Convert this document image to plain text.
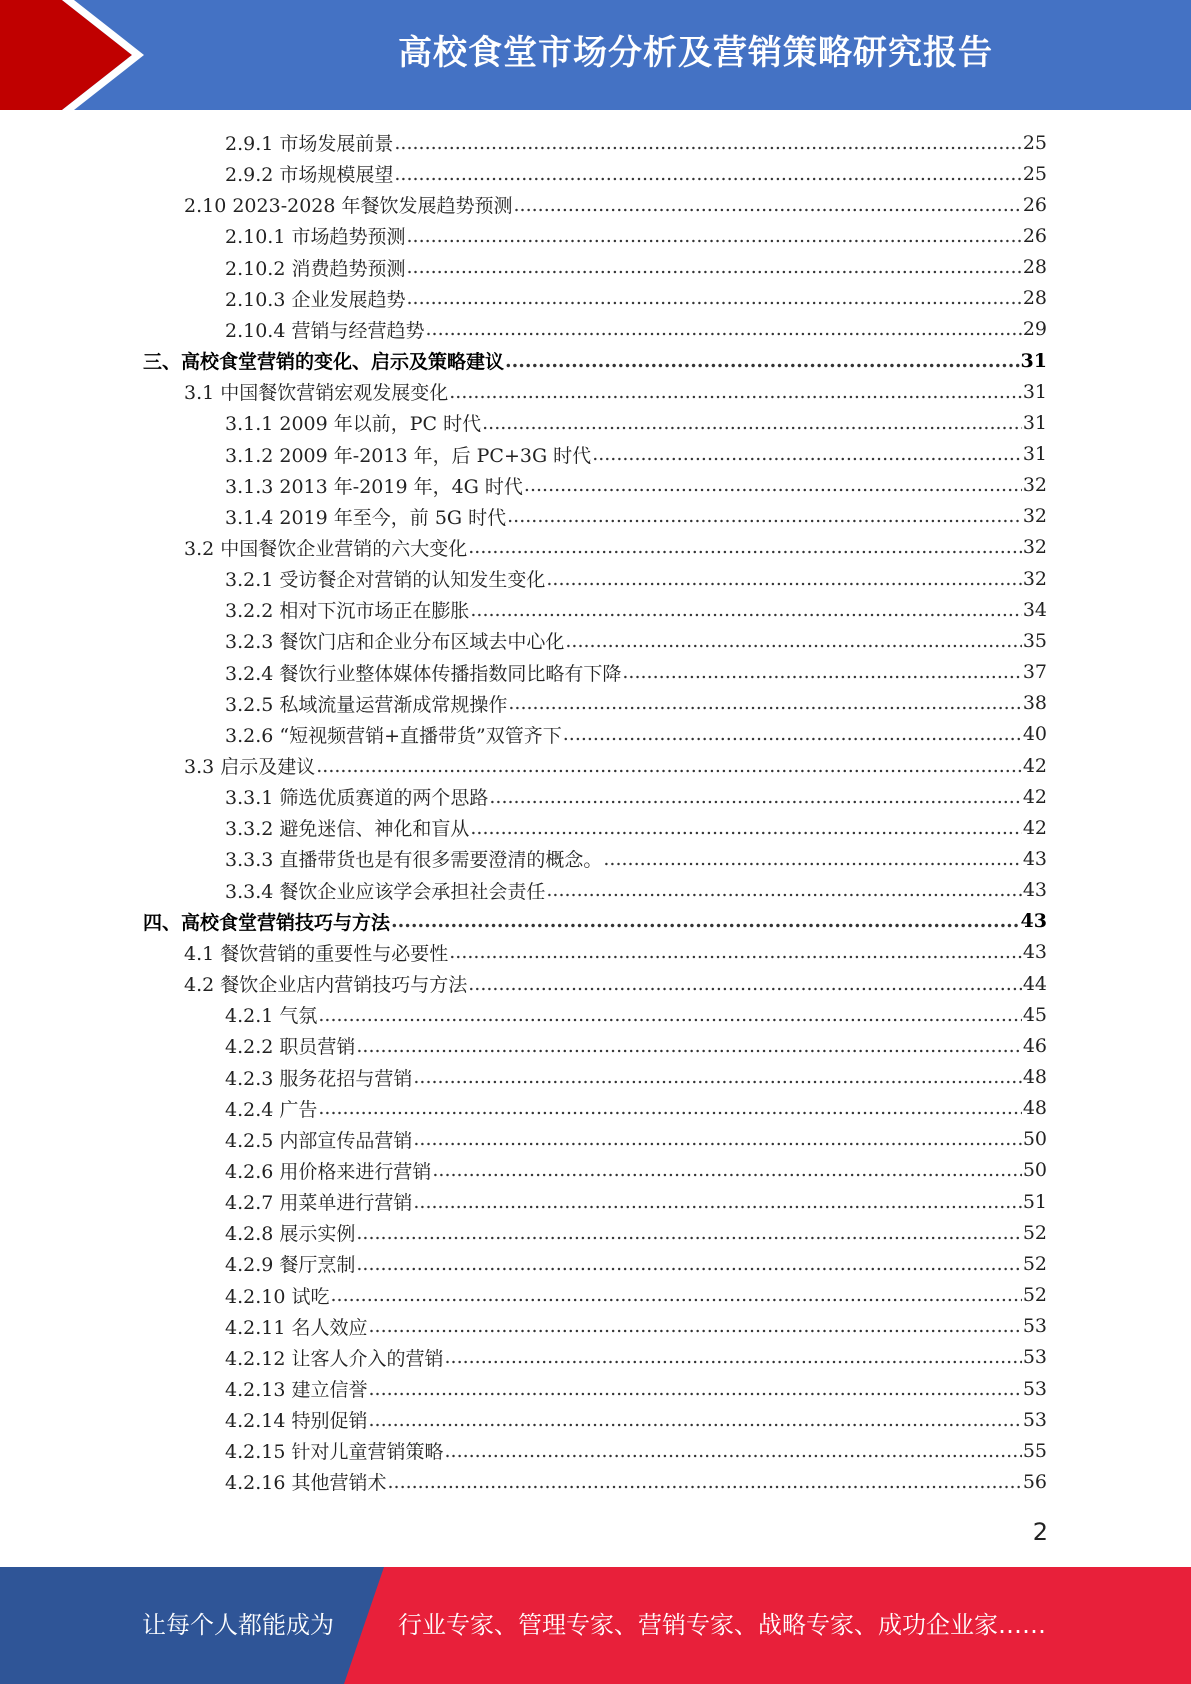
高校食堂市场分析及营销策略研究报告
2.9.1 市场发展前景 .....	25
2.9.2 市场规模展望 .....	25
2.10 2023-2028 年餐饮发展趋势预测 .....	26
2.10.1 市场趋势预测 .....	26
2.10.2 消费趋势预测 .....	28
2.10.3 企业发展趋势 .....	28
2.10.4 营销与经营趋势 .....	29
三、高校食堂营销的变化、启示及策略建议 .....	31
3.1 中国餐饮营销宏观发展变化 .....	31
3.1.1 2009 年以前，PC 时代 .....	31
3.1.2 2009 年-2013 年，后 PC+3G 时代 .....	31
3.1.3 2013 年-2019 年，4G 时代 .....	32
3.1.4 2019 年至今，前 5G 时代 .....	32
3.2 中国餐饮企业营销的六大变化 .....	32
3.2.1 受访餐企对营销的认知发生变化 .....	32
3.2.2 相对下沉市场正在膨胀 .....	34
3.2.3 餐饮门店和企业分布区域去中心化 .....	35
3.2.4 餐饮行业整体媒体传播指数同比略有下降 .....	37
3.2.5 私域流量运营渐成常规操作 .....	38
3.2.6 “短视频营销+直播带货”双管齐下 .....	40
3.3 启示及建议 .....	42
3.3.1 筛选优质赛道的两个思路 .....	42
3.3.2 避免迷信、神化和盲从 .....	42
3.3.3 直播带货也是有很多需要澄清的概念。 .....	43
3.3.4 餐饮企业应该学会承担社会责任 .....	43
四、高校食堂营销技巧与方法 .....	43
4.1 餐饮营销的重要性与必要性 .....	43
4.2 餐饮企业店内营销技巧与方法 .....	44
4.2.1 气氛 .....	45
4.2.2 职员营销 .....	46
4.2.3 服务花招与营销 .....	48
4.2.4 广告 .....	48
4.2.5 内部宣传品营销 .....	50
4.2.6 用价格来进行营销 .....	50
4.2.7 用菜单进行营销 .....	51
4.2.8 展示实例 .....	52
4.2.9 餐厅烹制 .....	52
4.2.10 试吃 .....	52
4.2.11 名人效应 .....	53
4.2.12 让客人介入的营销 .....	53
4.2.13 建立信誉 .....	53
4.2.14 特别促销 .....	53
4.2.15 针对儿童营销策略 .....	55
4.2.16 其他营销术 .....	56
2
让每个人都能成为	行业专家、管理专家、营销专家、战略专家、成功企业家……
